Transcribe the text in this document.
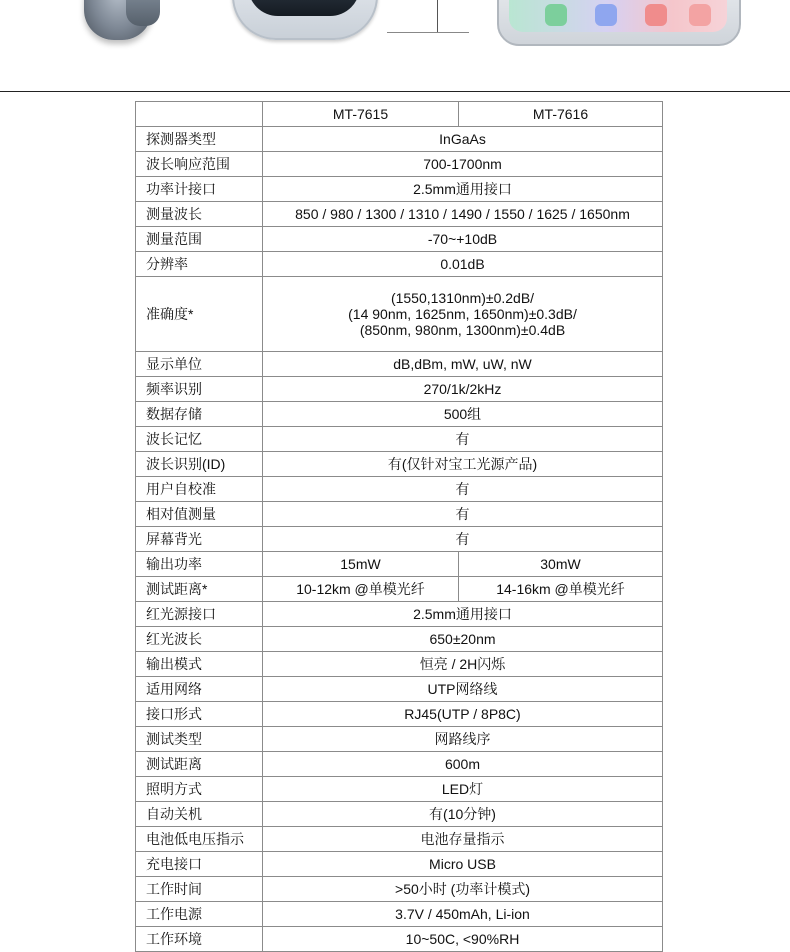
	MT-7615	MT-7616
探测器类型	InGaAs	
波长响应范围	700-1700nm	
功率计接口	2.5mm通用接口	
测量波长	850 / 980 / 1300 / 1310 / 1490 / 1550 / 1625 / 1650nm	
测量范围	-70~+10dB	
分辨率	0.01dB	
准确度*	(1550,1310nm)±0.2dB/
(14 90nm, 1625nm, 1650nm)±0.3dB/
(850nm, 980nm, 1300nm)±0.4dB	

显示单位	dB,dBm, mW, uW, nW	
频率识别	270/1k/2kHz	
数据存储	500组	
波长记忆	有	
波长识别(ID)	有(仅针对宝工光源产品)	
用户自校准	有	
相对值测量	有	
屏幕背光	有	
输出功率	15mW	30mW
测试距离*	10-12km @单模光纤	14-16km @单模光纤
红光源接口	2.5mm通用接口	
红光波长	650±20nm	
输出模式	恒亮 / 2H闪烁	
适用网络	UTP网络线	
接口形式	RJ45(UTP / 8P8C)	
测试类型	网路线序	
测试距离	600m	
照明方式	LED灯	
自动关机	有(10分钟)	
电池低电压指示	电池存量指示	
充电接口	Micro USB	
工作时间	>50小时 (功率计模式)	
工作电源	3.7V / 450mAh, Li-ion	
工作环境	10~50C, <90%RH	
